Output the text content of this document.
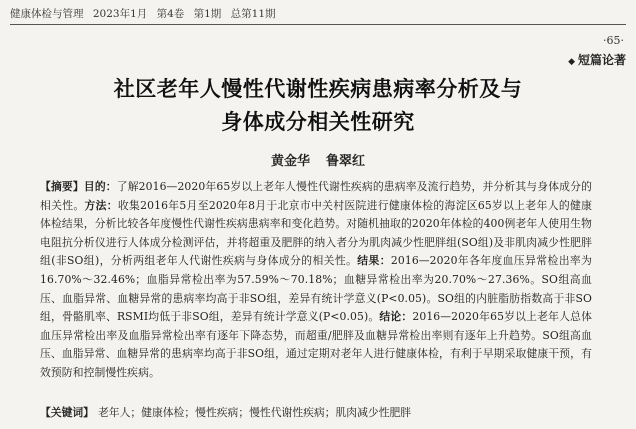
健康体检与管理 2023年1月 第4卷 第1期 总第11期
·65·
◆ 短篇论著
社区老年人慢性代谢性疾病患病率分析及与
身体成分相关性研究
黄金华 鲁翠红
【摘要】目的：了解2016—2020年65岁以上老年人慢性代谢性疾病的患病率及流行趋势，并分析其与身体成分的相关性。方法：收集2016年5月至2020年8月于北京市中关村医院进行健康体检的海淀区65岁以上老年人的健康体检结果，分析比较各年度慢性代谢性疾病患病率和变化趋势。对随机抽取的2020年体检的400例老年人使用生物电阻抗分析仪进行人体成分检测评估，并将超重及肥胖的纳入者分为肌肉减少性肥胖组(SO组)及非肌肉减少性肥胖组(非SO组)，分析两组老年人代谢性疾病与身体成分的相关性。结果：2016—2020年各年度血压异常检出率为16.70%～32.46%；血脂异常检出率为57.59%～70.18%；血糖异常检出率为20.70%～27.36%。SO组高血压、血脂异常、血糖异常的患病率均高于非SO组，差异有统计学意义(P<0.05)。SO组的内脏脂肪指数高于非SO组，骨骼肌率、RSMI均低于非SO组，差异有统计学意义(P<0.05)。结论：2016—2020年65岁以上老年人总体血压异常检出率及血脂异常检出率有逐年下降态势，而超重/肥胖及血糖异常检出率则有逐年上升趋势。SO组高血压、血脂异常、血糖异常的患病率均高于非SO组，通过定期对老年人进行健康体检，有利于早期采取健康干预，有效预防和控制慢性疾病。
【关键词】 老年人；健康体检；慢性疾病；慢性代谢性疾病；肌肉减少性肥胖
